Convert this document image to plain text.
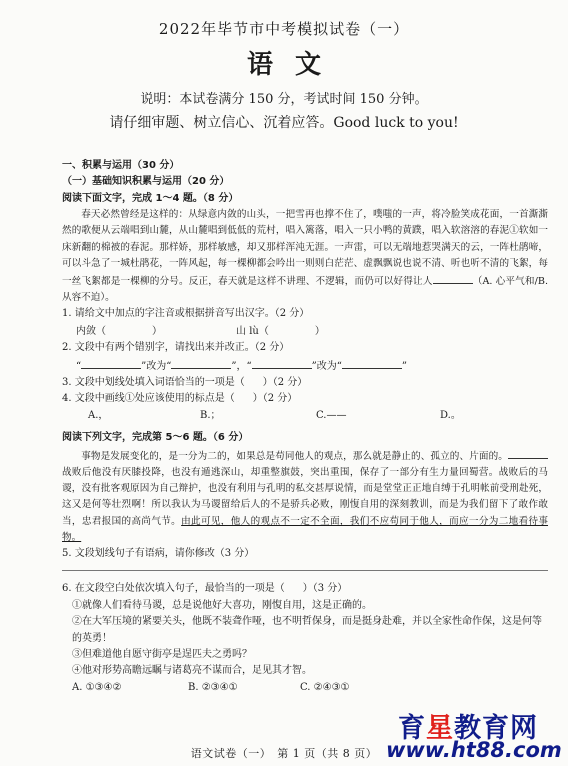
2022年毕节市中考模拟试卷（一）
语文
说明：本试卷满分 150 分，考试时间 150 分钟。
请仔细审题、树立信心、沉着应答。Good luck to you!

一、积累与运用（30 分）

（一）基础知识积累与运用（20 分）

阅读下面文字，完成 1～4 题。（8 分）

春天必然曾经是这样的：从绿意内敛的山头，一把雪再也撑不住了，噗嗤的一声，将冷脸笑成花面，一首澌澌然的歌便从云端唱到山麓，从山麓唱到低低的荒村，唱入篱落，唱入一只小鸭的黄蹼，唱入软溶溶的春泥①软如一床新翻的棉被的春泥。那样娇，那样敏感，却又那样浑沌无涯。一声雷，可以无端地惹哭满天的云，一阵杜鹃啼，可以斗急了一城杜鹃花，一阵风起，每一棵柳都会吟出一则则白茫茫、虚飘飘说也说不清、听也听不清的飞絮，每一丝飞絮都是一棵柳的分号。反正，春天就是这样不讲理、不逻辑，而仍可以好得让人	（A. 心平气和/B. 从容不迫）。

1. 请给文中加点的字注音或根据拼音写出汉字。（2 分）

内敛（	）	山 lù（	）

2. 文段中有两个错别字，请找出来并改正。（2 分）

“	”改为“	”，“	”改为“	”

3. 文段中划线处填入词语恰当的一项是（ ）（2 分）

4. 文段中画线①处应该使用的标点是（ ）（2 分）

A.，	B.；	C.——	D.。

阅读下列文字，完成第 5～6 题。（6 分）

事物是发展变化的，是一分为二的，如果总是苟同他人的观点，那么就是静止的、孤立的、片面的。战败后他没有厌膝投降，也没有遁逃深山，却重整旗鼓，突出重围，保存了一部分有生力量回蜀营。战败后的马谡，没有批客观原因为自己辩护，也没有利用与孔明的私交甚厚说情，而是堂堂正正地自缚于孔明帐前受刑赴死，这又是何等壮烈啊！所以我认为马谡留给后人的不是骄兵必败，刚愎自用的深刻教训，而是为我们留下了敢作敢当，忠君报国的高尚气节。由此可见，他人的观点不一定不全面，我们不应苟同于他人，而应一分为二地看待事物。

5. 文段划线句子有语病，请你修改（3 分）

6. 在文段空白处依次填入句子，最恰当的一项是（ ）（3 分）

①就像人们看待马谡，总是说他好大喜功，刚愎自用，这是正确的。

②在大军压境的紧要关头，他既不装聋作哑，也不明哲保身，而是挺身赴难，并以全家性命作保，这是何等的英勇！

③但难道他自愿守街亭是逞匹夫之勇吗？

④他对形势高瞻远瞩与诸葛亮不谋而合，足见其才智。

A. ①③④②	B. ②③④①	C. ②④③①

语文试卷（一）　第 1 页（共 8 页）
育星教育网
www.ht88.com
